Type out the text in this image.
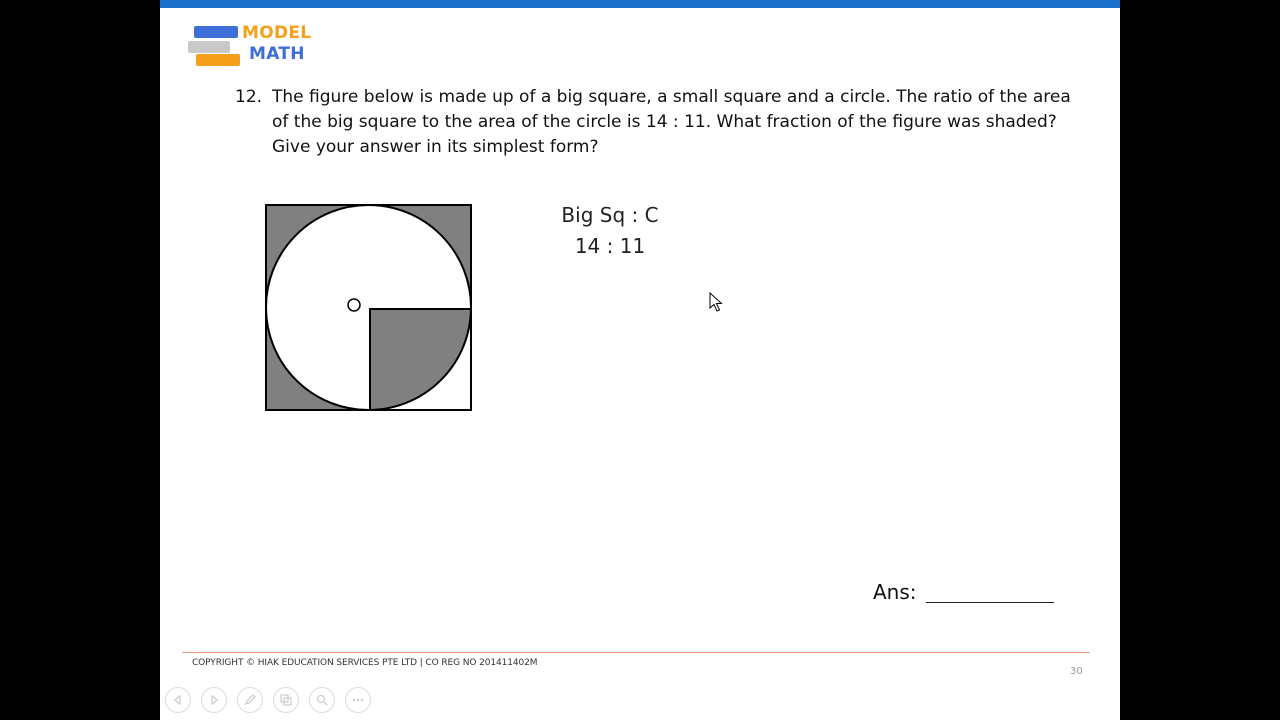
MODEL
MATH
12. The figure below is made up of a big square, a small square and a circle. The ratio of the area of the big square to the area of the circle is 14 : 11. What fraction of the figure was shaded? Give your answer in its simplest form?
Big Sq : C
14 : 11
Ans:
COPYRIGHT © HIAK EDUCATION SERVICES PTE LTD | CO REG NO 201411402M
30
